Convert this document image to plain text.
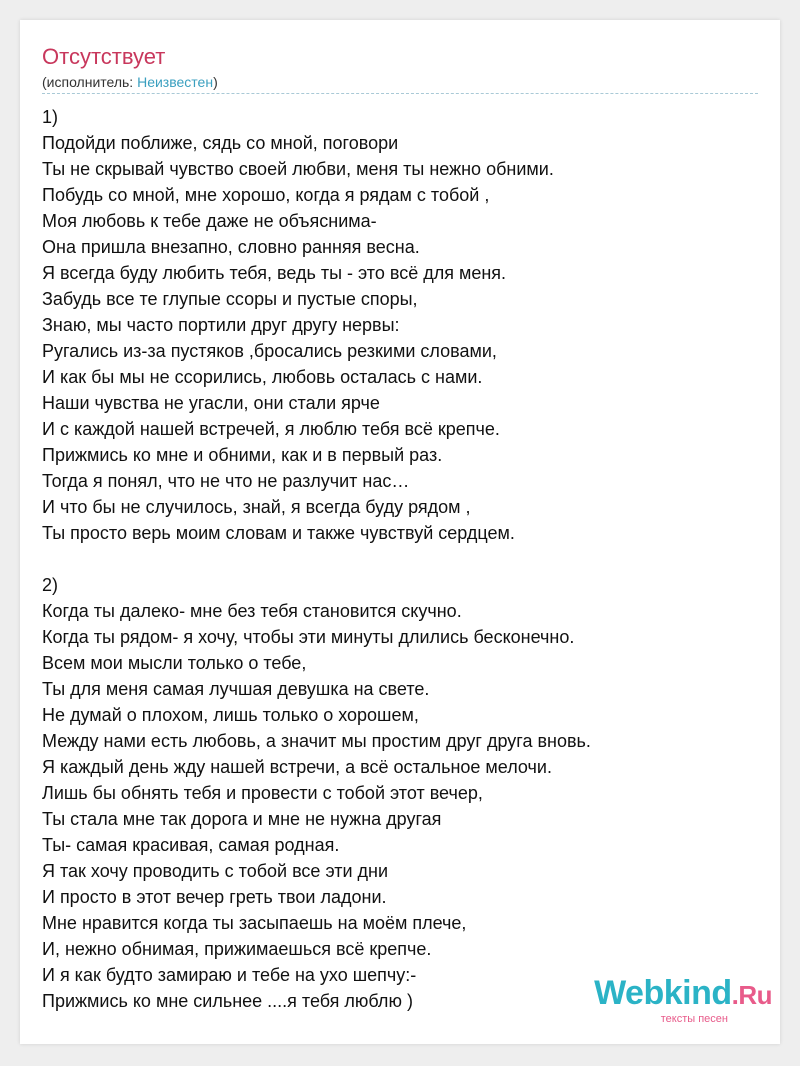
Отсутствует
(исполнитель: Неизвестен)
1)
Подойди поближе, сядь со мной, поговори
Ты не скрывай чувство своей любви, меня ты нежно обними.
Побудь со мной, мне хорошо, когда я рядам с тобой ,
Моя любовь к тебе даже не объяснима-
Она пришла внезапно, словно ранняя весна.
Я всегда буду любить тебя, ведь ты - это всё для меня.
Забудь все те глупые ссоры и пустые споры,
Знаю, мы часто портили друг другу нервы:
Ругались из-за пустяков ,бросались резкими словами,
И как бы мы не ссорились, любовь осталась с нами.
Наши чувства не угасли, они стали ярче
И с каждой нашей встречей, я люблю тебя всё крепче.
Прижмись ко мне и обними, как и в первый раз.
Тогда я понял, что не что не разлучит нас…
И что бы не случилось, знай, я всегда буду рядом ,
Ты просто верь моим словам и также чувствуй сердцем.
2)
Когда ты далеко- мне без тебя становится скучно.
Когда ты рядом- я хочу, чтобы эти минуты длились бесконечно.
Всем мои мысли только о тебе,
Ты для меня самая лучшая девушка на свете.
Не думай о плохом, лишь только о хорошем,
Между нами есть любовь, а значит мы простим друг друга вновь.
Я каждый день жду нашей встречи, а всё остальное мелочи.
Лишь бы обнять тебя и провести с тобой этот вечер,
Ты стала мне так дорога и мне не нужна другая
Ты- самая красивая, самая родная.
Я так хочу проводить с тобой все эти дни
И просто в этот вечер греть твои ладони.
Мне нравится когда ты засыпаешь на моём плече,
И, нежно обнимая, прижимаешься всё крепче.
И я как будто замираю и тебе на ухо шепчу:-
Прижмись ко мне сильнее ....я тебя люблю )	Webkind.Ru
тексты песен
